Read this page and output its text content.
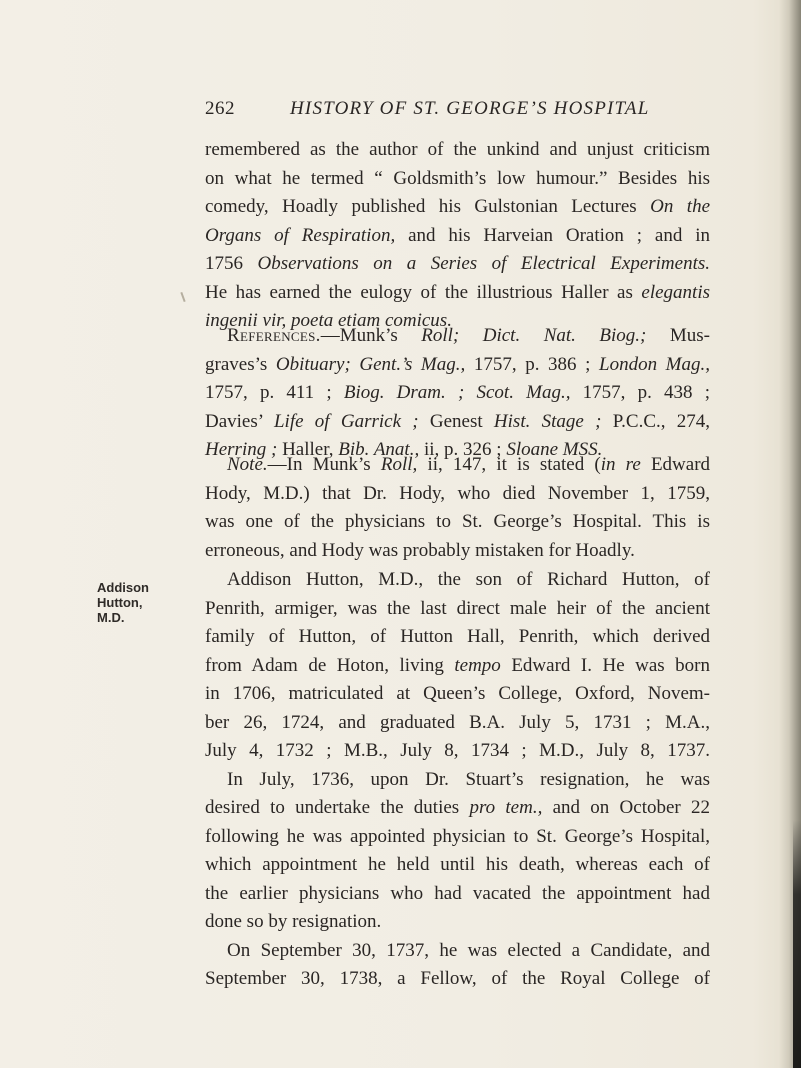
262	HISTORY OF ST. GEORGE’S HOSPITAL
remembered as the author of the unkind and unjust criticism
on what he termed “ Goldsmith’s low humour.” Besides his
comedy, Hoadly published his Gulstonian Lectures On the
Organs of Respiration, and his Harveian Oration ; and in
1756 Observations on a Series of Electrical Experiments.
He has earned the eulogy of the illustrious Haller as elegantis
ingenii vir, poeta etiam comicus.
References.—Munk’s Roll; Dict. Nat. Biog.; Mus-
graves’s Obituary; Gent.’s Mag., 1757, p. 386 ; London Mag.,
1757, p. 411 ; Biog. Dram. ; Scot. Mag., 1757, p. 438 ;
Davies’ Life of Garrick ; Genest Hist. Stage ; P.C.C., 274,
Herring ; Haller, Bib. Anat., ii, p. 326 ; Sloane MSS.
Note.—In Munk’s Roll, ii, 147, it is stated (in re Edward
Hody, M.D.) that Dr. Hody, who died November 1, 1759,
was one of the physicians to St. George’s Hospital. This is
erroneous, and Hody was probably mistaken for Hoadly.
Addison
Hutton,
M.D.
Addison Hutton, M.D., the son of Richard Hutton, of
Penrith, armiger, was the last direct male heir of the ancient
family of Hutton, of Hutton Hall, Penrith, which derived
from Adam de Hoton, living tempo Edward I. He was born
in 1706, matriculated at Queen’s College, Oxford, Novem-
ber 26, 1724, and graduated B.A. July 5, 1731 ; M.A.,
July 4, 1732 ; M.B., July 8, 1734 ; M.D., July 8, 1737.
In July, 1736, upon Dr. Stuart’s resignation, he was
desired to undertake the duties pro tem., and on October 22
following he was appointed physician to St. George’s Hospital,
which appointment he held until his death, whereas each of
the earlier physicians who had vacated the appointment had
done so by resignation.
On September 30, 1737, he was elected a Candidate, and
September 30, 1738, a Fellow, of the Royal College of
